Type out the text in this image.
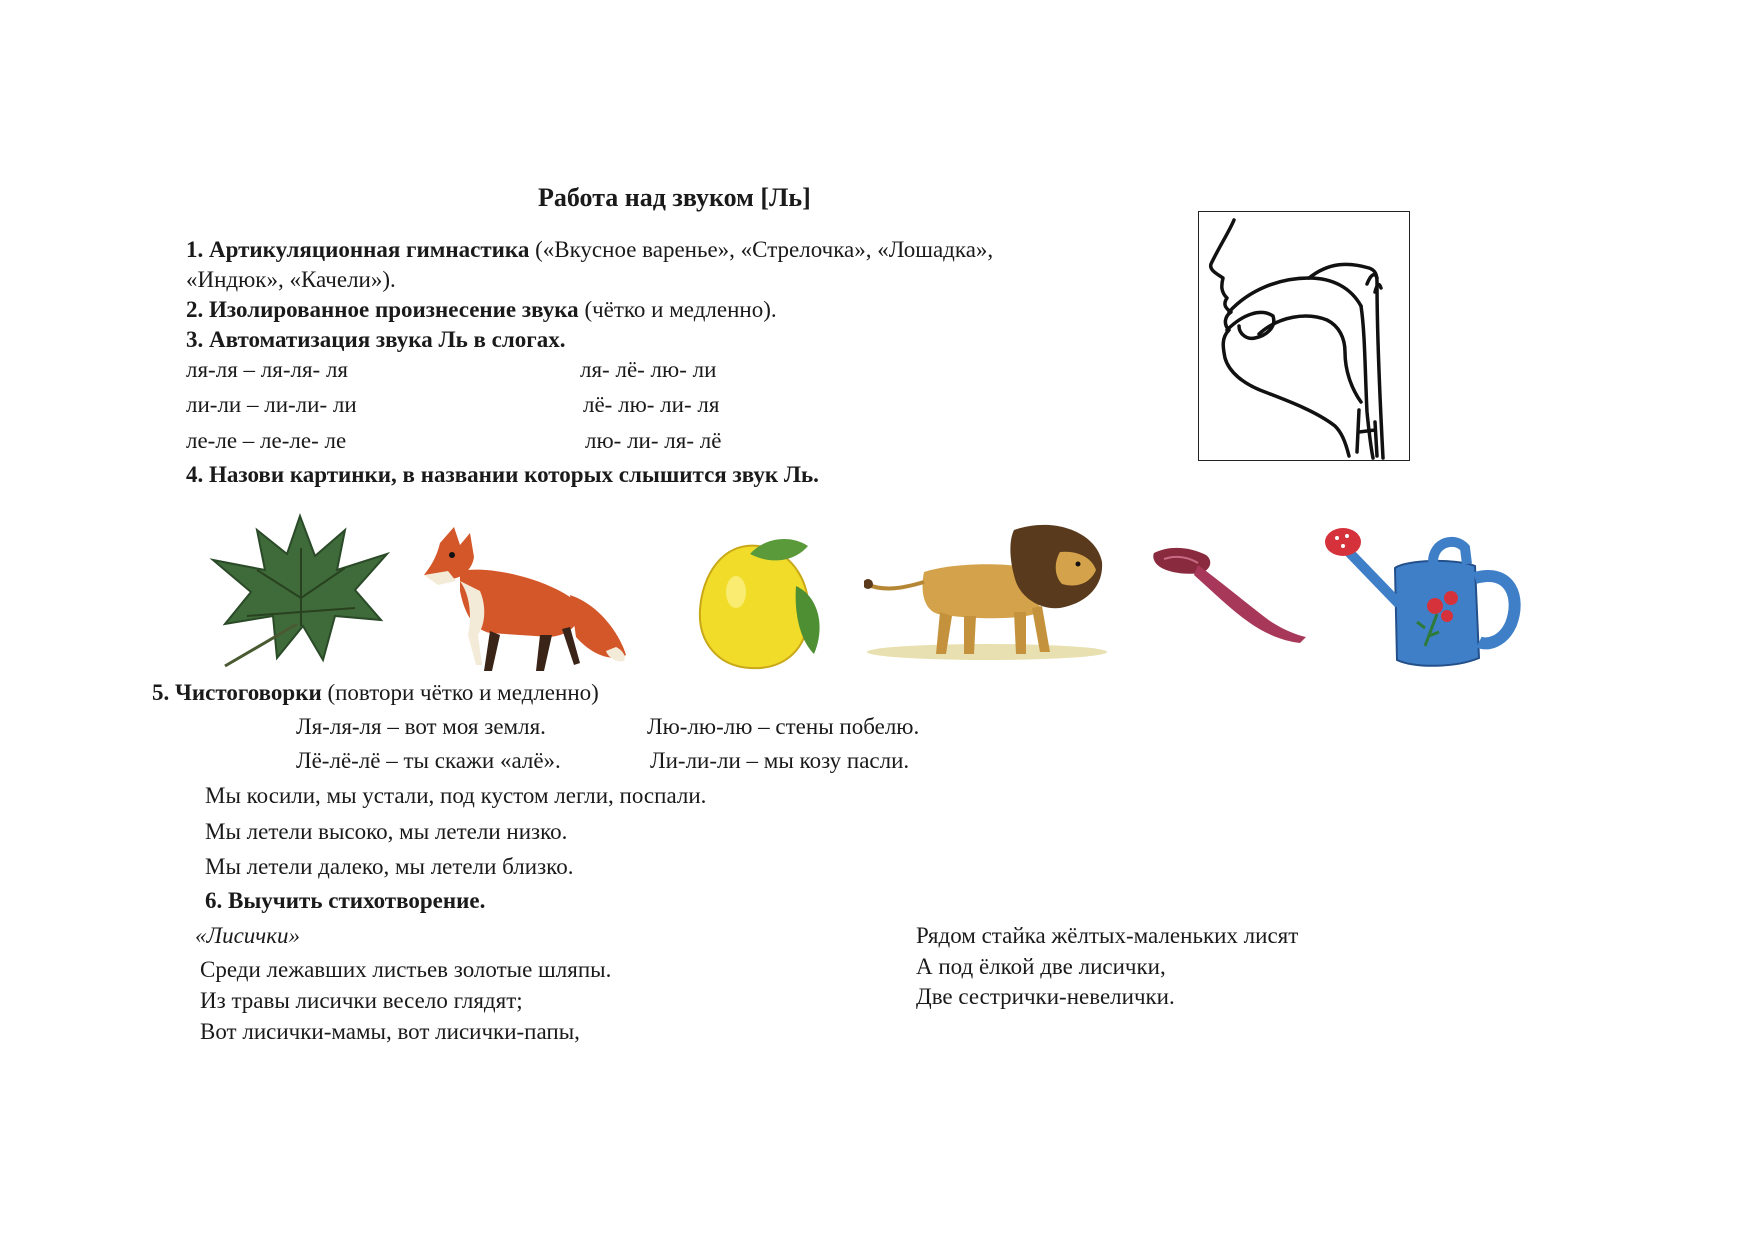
Работа над звуком [Ль]
1. Артикуляционная гимнастика («Вкусное варенье», «Стрелочка», «Лошадка»,
«Индюк», «Качели»).
2. Изолированное произнесение звука (чётко и медленно).
3. Автоматизация звука Ль в слогах.
ля-ля – ля-ля- ля
ли-ли – ли-ли- ли
ле-ле – ле-ле- ле
ля- лё- лю- ли
лё- лю- ли- ля
лю- ли- ля- лё
4. Назови картинки, в названии которых слышится звук Ль.
5. Чистоговорки (повтори чётко и медленно)
Ля-ля-ля – вот моя земля.	Лю-лю-лю – стены побелю.
Лё-лё-лё – ты скажи «алё».	Ли-ли-ли – мы козу пасли.
Мы косили, мы устали, под кустом легли, поспали.
Мы летели высоко, мы летели низко.
Мы летели далеко, мы летели близко.
6. Выучить стихотворение.
«Лисички»
Среди лежавших листьев золотые шляпы.
Из травы лисички весело глядят;
Вот лисички-мамы, вот лисички-папы,
Рядом стайка жёлтых-маленьких лисят
А под ёлкой две лисички,
Две сестрички-невелички.
